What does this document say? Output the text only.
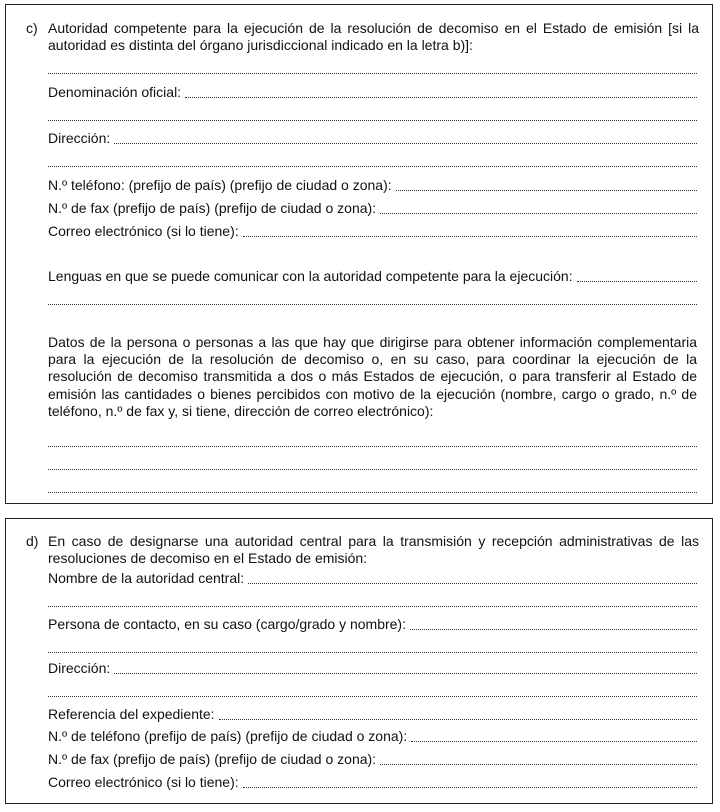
c) Autoridad competente para la ejecución de la resolución de decomiso en el Estado de emisión [si la autoridad es distinta del órgano jurisdiccional indicado en la letra b)]:
Denominación oficial:
Dirección:
N.º teléfono: (prefijo de país) (prefijo de ciudad o zona):
N.º de fax (prefijo de país) (prefijo de ciudad o zona):
Correo electrónico (si lo tiene):
Lenguas en que se puede comunicar con la autoridad competente para la ejecución:
Datos de la persona o personas a las que hay que dirigirse para obtener información complementaria para la ejecución de la resolución de decomiso o, en su caso, para coordinar la ejecución de la resolución de decomiso transmitida a dos o más Estados de ejecución, o para transferir al Estado de emisión las cantidades o bienes percibidos con motivo de la ejecución (nombre, cargo o grado, n.º de teléfono, n.º de fax y, si tiene, dirección de correo electrónico):
d) En caso de designarse una autoridad central para la transmisión y recepción administrativas de las resoluciones de decomiso en el Estado de emisión:
Nombre de la autoridad central:
Persona de contacto, en su caso (cargo/grado y nombre):
Dirección:
Referencia del expediente:
N.º de teléfono (prefijo de país) (prefijo de ciudad o zona):
N.º de fax (prefijo de país) (prefijo de ciudad o zona):
Correo electrónico (si lo tiene):
